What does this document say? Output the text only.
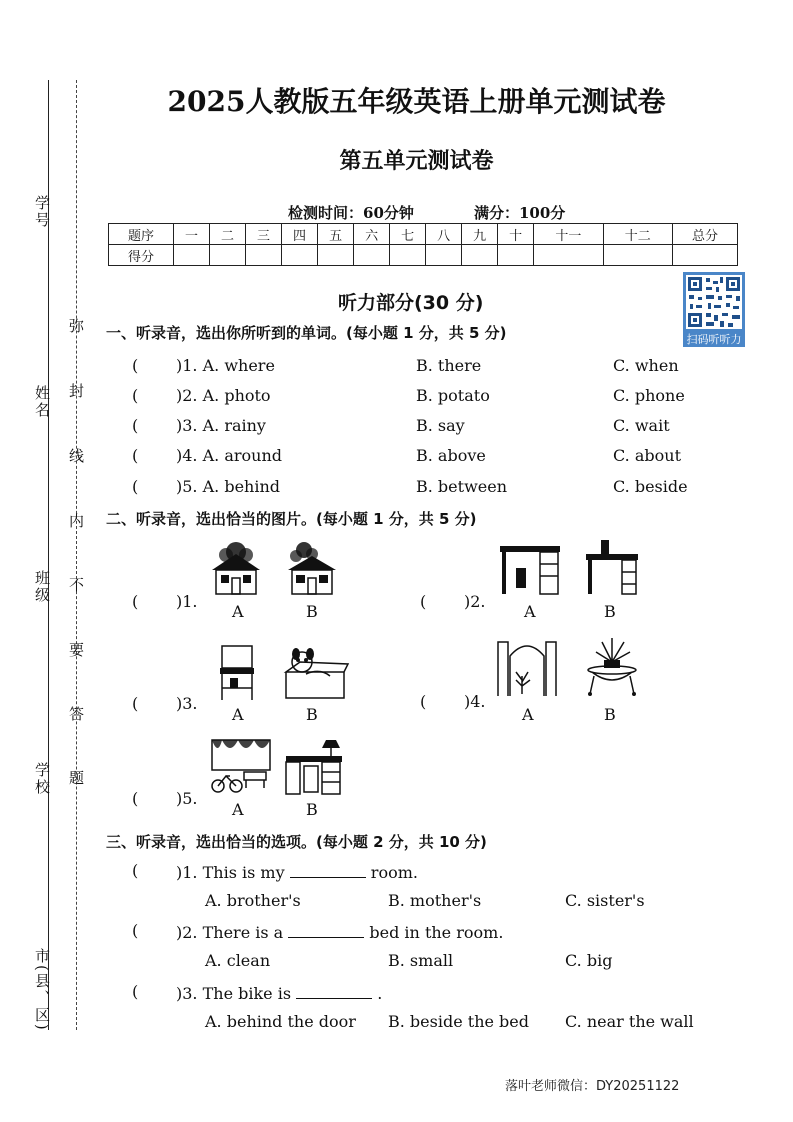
学号
姓名
班级
学校
市(县、区)
弥
封
线
内
不
要
答
题
2025人教版五年级英语上册单元测试卷
第五单元测试卷
检测时间：60分钟	满分：100分
题序	一	二	三	四	五	六	七	八	九	十	十一	十二	总分
得分													
扫码听听力
听力部分(30 分)
一、听录音，选出你所听到的单词。(每小题 1 分，共 5 分)
( )1. A. where	B. there	C. when
( )2. A. photo	B. potato	C. phone
( )3. A. rainy	B. say	C. wait
( )4. A. around	B. above	C. about
( )5. A. behind	B. between	C. beside
二、听录音，选出恰当的图片。(每小题 1 分，共 5 分)
( )1.
A	B
( )2.
A	B
( )3.
A	B
( )4.
A	B
( )5.
A	B
三、听录音，选出恰当的选项。(每小题 2 分，共 10 分)
( )1. This is my	room.
A. brother's	B. mother's	C. sister's
( )2. There is a	bed in the room.
A. clean	B. small	C. big
( )3. The bike is	.
A. behind the door B. beside the bed C. near the wall
落叶老师微信：DY20251122
